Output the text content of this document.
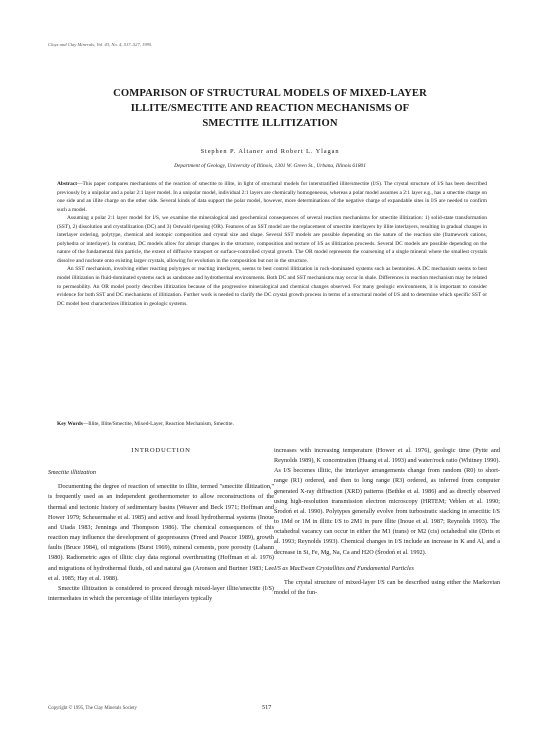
Clays and Clay Minerals, Vol. 43, No. 4, 517–527, 1995.
COMPARISON OF STRUCTURAL MODELS OF MIXED-LAYER
ILLITE/SMECTITE AND REACTION MECHANISMS OF
SMECTITE ILLITIZATION
Stephen P. Altaner and Robert L. Ylagan
Department of Geology, University of Illinois, 1301 W. Green St., Urbana, Illinois 61801

Abstract—This paper compares mechanisms of the reaction of smectite to illite, in light of structural models for interstratified illite/smectite (I/S). The crystal structure of I/S has been described previously by a unipolar and a polar 2:1 layer model. In a unipolar model, individual 2:1 layers are chemically homogeneous, whereas a polar model assumes a 2:1 layer e.g., has a smectite charge on one side and an illite charge on the other side. Several kinds of data support the polar model, however, more determinations of the negative charge of expandable sites in I/S are needed to confirm such a model.

Assuming a polar 2:1 layer model for I/S, we examine the mineralogical and geochemical consequences of several reaction mechanisms for smectite illitization: 1) solid-state transformation (SST), 2) dissolution and crystallization (DC) and 3) Ostwald ripening (OR). Features of an SST model are the replacement of smectite interlayers by illite interlayers, resulting in gradual changes in interlayer ordering, polytype, chemical and isotopic composition and crystal size and shape. Several SST models are possible depending on the nature of the reaction site (framework cations, polyhedra or interlayer). In contrast, DC models allow for abrupt changes in the structure, composition and texture of I/S as illitization proceeds. Several DC models are possible depending on the nature of the fundamental thin particle, the extent of diffusive transport or surface-controlled crystal growth. The OR model represents the coarsening of a single mineral where the smallest crystals dissolve and nucleate onto existing larger crystals, allowing for evolution in the composition but not in the structure.

An SST mechanism, involving either reacting polytypes or reacting interlayers, seems to best control illitization in rock-dominated systems such as bentonites. A DC mechanism seems to best model illitization in fluid-dominated systems such as sandstone and hydrothermal environments. Both DC and SST mechanisms may occur in shale. Differences in reaction mechanism may be related to permeability. An OR model poorly describes illitization because of the progressive mineralogical and chemical changes observed. For many geologic environments, it is important to consider evidence for both SST and DC mechanisms of illitization. Further work is needed to clarify the DC crystal growth process in terms of a structural model of I/S and to determine which specific SST or DC model best characterizes illitization in geologic systems.

Key Words—Illite, Illite/Smectite, Mixed-Layer, Reaction Mechanism, Smectite.
INTRODUCTION
Smectite illitization

Documenting the degree of reaction of smectite to illite, termed "smectite illitization," is frequently used as an independent geothermometer to allow reconstructions of the thermal and tectonic history of sedimentary basins (Weaver and Beck 1971; Hoffman and Hower 1979; Scheuermahe et al. 1985) and active and fossil hydrothermal systems (Inoue and Utada 1983; Jennings and Thompson 1986). The chemical consequences of this reaction may influence the development of geopressures (Freed and Peacor 1989), growth faults (Bruce 1984), oil migrations (Burst 1969), mineral cements, pore porosity (Lahann 1980). Radiometric ages of illitic clay data regional overthrusting (Hoffman et al. 1976) and migrations of hydrothermal fluids, oil and natural gas (Aronson and Burtner 1983; Lee et al. 1985; Hay et al. 1988).

Smectite illitization is considered to proceed through mixed-layer illite/smectite (I/S) intermediates in which the percentage of illite interlayers typically

increases with increasing temperature (Hower et al. 1976), geologic time (Pytte and Reynolds 1989), K concentration (Huang et al. 1993) and water/rock ratio (Whitney 1990). As I/S becomes illitic, the interlayer arrangements change from random (R0) to short-range (R1) ordered, and then to long range (R3) ordered, as inferred from computer generated X-ray diffraction (XRD) patterns (Bethke et al. 1986) and as directly observed using high-resolution transmission electron microscopy (HRTEM; Veblen et al. 1990; Środoń et al. 1990). Polytypes generally evolve from turbostratic stacking in smectitic I/S to 1Md or 1M in illitic I/S to 2M1 in pure illite (Inoue et al. 1987; Reynolds 1993). The octahedral vacancy can occur in either the M1 (trans) or M2 (cis) octahedral site (Drits et al. 1993; Reynolds 1993). Chemical changes in I/S include an increase in K and Al, and a decrease in Si, Fe, Mg, Na, Ca and H2O (Środoń et al. 1992).

I/S as MacEwan Crystallites and Fundamental Particles

The crystal structure of mixed-layer I/S can be described using either the Markovian model of the fun-

Copyright © 1995, The Clay Minerals Society	517
